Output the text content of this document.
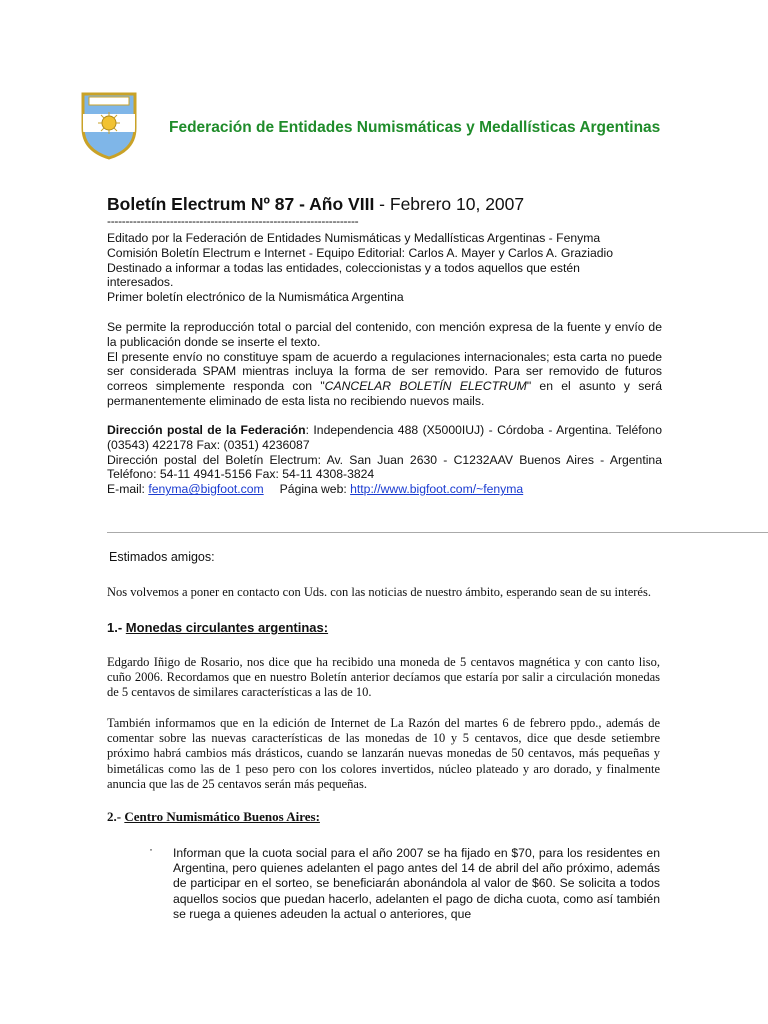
Federación de Entidades Numismáticas y Medallísticas Argentinas
Boletín Electrum Nº 87 - Año VIII - Febrero 10, 2007
--------------------------------------------------------------------

Editado por la Federación de Entidades Numismáticas y Medallísticas Argentinas - Fenyma

Comisión Boletín Electrum e Internet - Equipo Editorial: Carlos A. Mayer y Carlos A. Graziadio

Destinado a informar a todas las entidades, coleccionistas y a todos aquellos que estén interesados.

Primer boletín electrónico de la Numismática Argentina

Se permite la reproducción total o parcial del contenido, con mención expresa de la fuente y envío de la publicación donde se inserte el texto.

El presente envío no constituye spam de acuerdo a regulaciones internacionales; esta carta no puede ser considerada SPAM mientras incluya la forma de ser removido. Para ser removido de futuros correos simplemente responda con "CANCELAR BOLETÍN ELECTRUM" en el asunto y será permanentemente eliminado de esta lista no recibiendo nuevos mails.

Dirección postal de la Federación: Independencia 488 (X5000IUJ) - Córdoba - Argentina. Teléfono (03543) 422178 Fax: (0351) 4236087

Dirección postal del Boletín Electrum: Av. San Juan 2630 - C1232AAV Buenos Aires - Argentina Teléfono: 54-11 4941-5156 Fax: 54-11 4308-3824

E-mail: fenyma@bigfoot.com Página web: http://www.bigfoot.com/~fenyma

Estimados amigos:

Nos volvemos a poner en contacto con Uds. con las noticias de nuestro ámbito, esperando sean de su interés.

1.- Monedas circulantes argentinas:

Edgardo Iñigo de Rosario, nos dice que ha recibido una moneda de 5 centavos magnética y con canto liso, cuño 2006. Recordamos que en nuestro Boletín anterior decíamos que estaría por salir a circulación monedas de 5 centavos de similares características a las de 10.

También informamos que en la edición de Internet de La Razón del martes 6 de febrero ppdo., además de comentar sobre las nuevas características de las monedas de 10 y 5 centavos, dice que desde setiembre próximo habrá cambios más drásticos, cuando se lanzarán nuevas monedas de 50 centavos, más pequeñas y bimetálicas como las de 1 peso pero con los colores invertidos, núcleo plateado y aro dorado, y finalmente anuncia que las de 25 centavos serán más pequeñas.

2.- Centro Numismático Buenos Aires:
· Informan que la cuota social para el año 2007 se ha fijado en $70, para los residentes en Argentina, pero quienes adelanten el pago antes del 14 de abril del año próximo, además de participar en el sorteo, se beneficiarán abonándola al valor de $60. Se solicita a todos aquellos socios que puedan hacerlo, adelanten el pago de dicha cuota, como así también se ruega a quienes adeuden la actual o anteriores, que
